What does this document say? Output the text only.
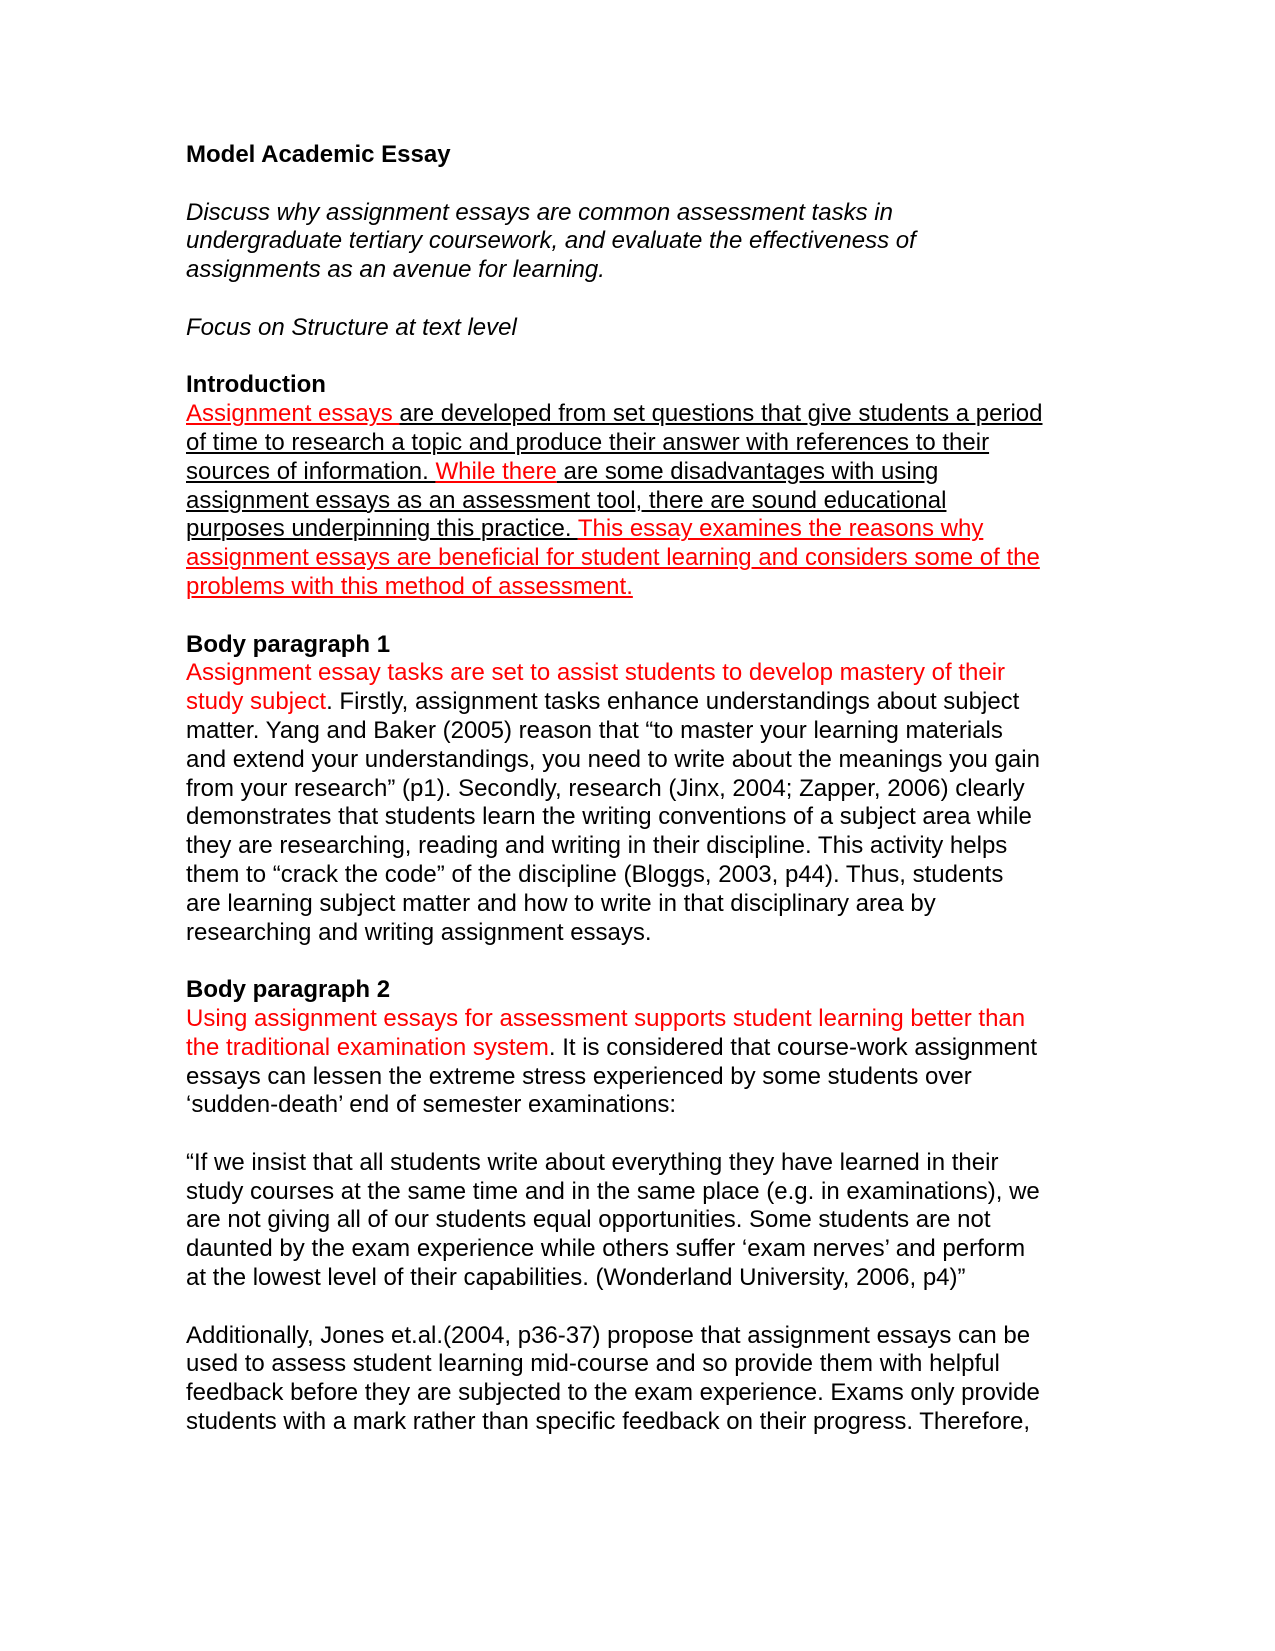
Model Academic Essay
Discuss why assignment essays are common assessment tasks in
undergraduate tertiary coursework, and evaluate the effectiveness of
assignments as an avenue for learning.
Focus on Structure at text level
Introduction
Assignment essays are developed from set questions that give students a period
of time to research a topic and produce their answer with references to their
sources of information. While there are some disadvantages with using
assignment essays as an assessment tool, there are sound educational
purposes underpinning this practice. This essay examines the reasons why
assignment essays are beneficial for student learning and considers some of the
problems with this method of assessment.
Body paragraph 1
Assignment essay tasks are set to assist students to develop mastery of their
study subject. Firstly, assignment tasks enhance understandings about subject
matter. Yang and Baker (2005) reason that “to master your learning materials
and extend your understandings, you need to write about the meanings you gain
from your research” (p1). Secondly, research (Jinx, 2004; Zapper, 2006) clearly
demonstrates that students learn the writing conventions of a subject area while
they are researching, reading and writing in their discipline. This activity helps
them to “crack the code” of the discipline (Bloggs, 2003, p44). Thus, students
are learning subject matter and how to write in that disciplinary area by
researching and writing assignment essays.
Body paragraph 2
Using assignment essays for assessment supports student learning better than
the traditional examination system. It is considered that course-work assignment
essays can lessen the extreme stress experienced by some students over
‘sudden-death’ end of semester examinations:
“If we insist that all students write about everything they have learned in their
study courses at the same time and in the same place (e.g. in examinations), we
are not giving all of our students equal opportunities. Some students are not
daunted by the exam experience while others suffer ‘exam nerves’ and perform
at the lowest level of their capabilities. (Wonderland University, 2006, p4)”
Additionally, Jones et.al.(2004, p36-37) propose that assignment essays can be
used to assess student learning mid-course and so provide them with helpful
feedback before they are subjected to the exam experience. Exams only provide
students with a mark rather than specific feedback on their progress. Therefore,
